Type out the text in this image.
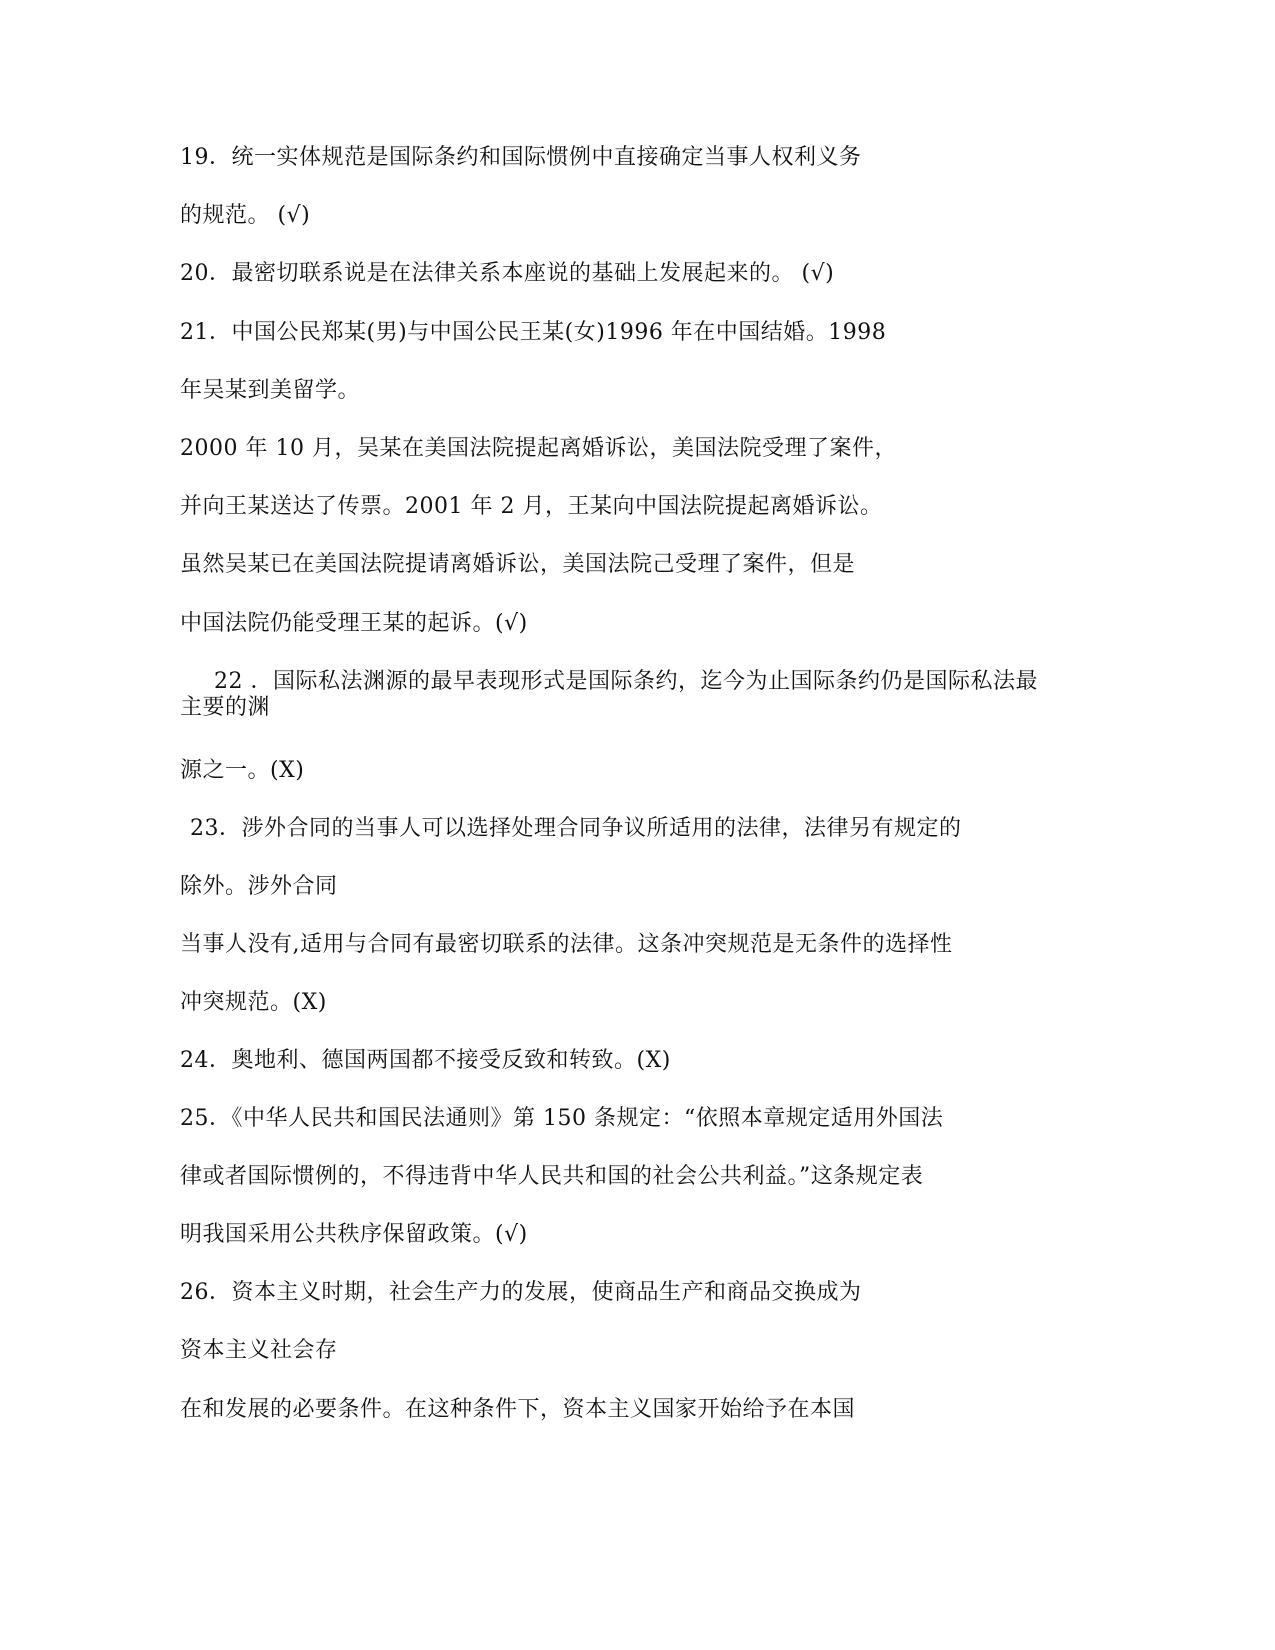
19．统一实体规范是国际条约和国际惯例中直接确定当事人权利义务
的规范。 (√)
20．最密切联系说是在法律关系本座说的基础上发展起来的。 (√)
21．中国公民郑某(男)与中国公民王某(女)1996 年在中国结婚。1998
年吴某到美留学。
2000 年 10 月，吴某在美国法院提起离婚诉讼，美国法院受理了案件，
并向王某送达了传票。2001 年 2 月，王某向中国法院提起离婚诉讼。
虽然吴某已在美国法院提请离婚诉讼，美国法院己受理了案件，但是
中国法院仍能受理王某的起诉。(√)
22 ．国际私法渊源的最早表现形式是国际条约，迄今为止国际条约仍是国际私法最主要的渊
源之一。(X)
23．涉外合同的当事人可以选择处理合同争议所适用的法律，法律另有规定的
除外。涉外合同
当事人没有,适用与合同有最密切联系的法律。这条冲突规范是无条件的选择性
冲突规范。(X)
24．奥地利、德国两国都不接受反致和转致。(X)
25．《中华人民共和国民法通则》第 150 条规定：“依照本章规定适用外国法
律或者国际惯例的，不得违背中华人民共和国的社会公共利益。”这条规定表
明我国采用公共秩序保留政策。(√)
26．资本主义时期，社会生产力的发展，使商品生产和商品交换成为
资本主义社会存
在和发展的必要条件。在这种条件下，资本主义国家开始给予在本国
